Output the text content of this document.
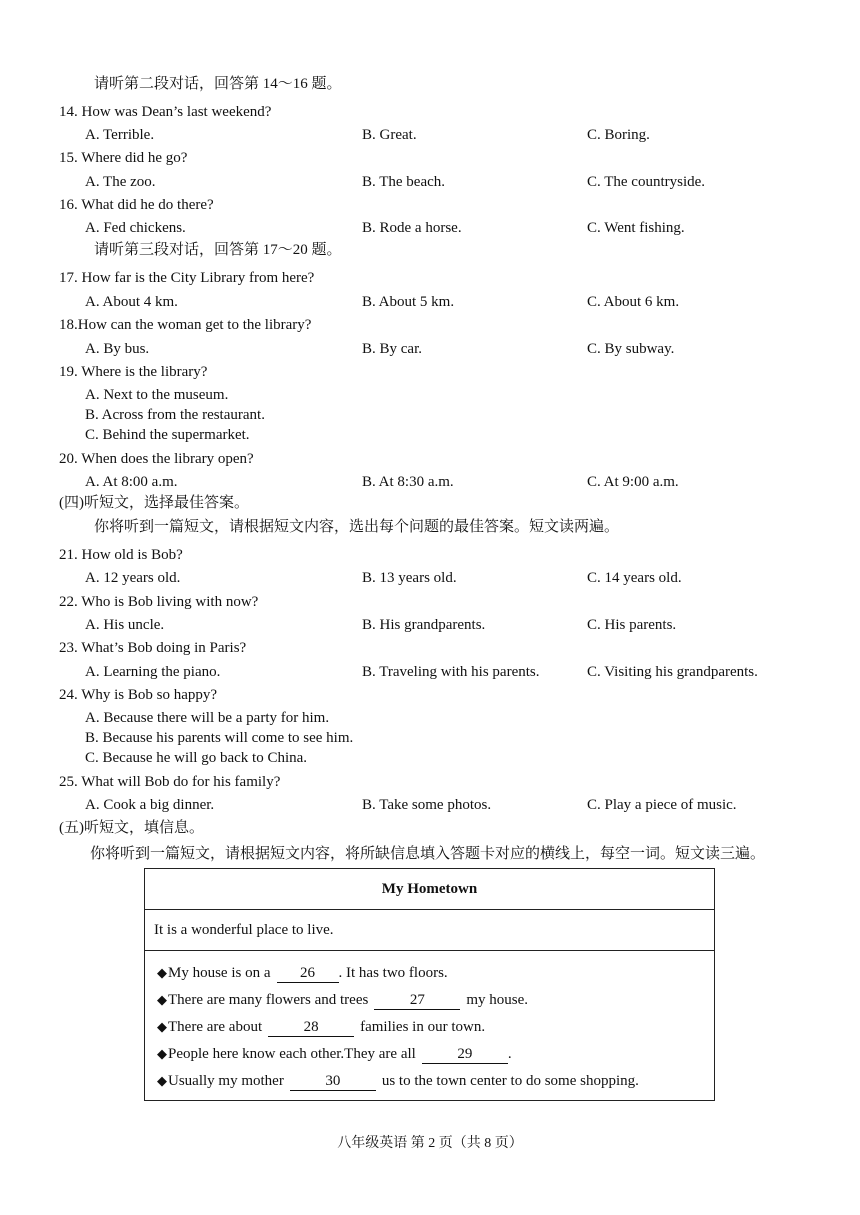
请听第二段对话，回答第 14～16 题。
14. How was Dean’s last weekend?
A. Terrible.	B. Great.	C. Boring.
15. Where did he go?
A. The zoo.	B. The beach.	C. The countryside.
16. What did he do there?
A. Fed chickens.	B. Rode a horse.	C. Went fishing.
请听第三段对话，回答第 17～20 题。
17. How far is the City Library from here?
A. About 4 km.	B. About 5 km.	C. About 6 km.
18.How can the woman get to the library?
A. By bus.	B. By car.	C. By subway.
19. Where is the library?
A. Next to the museum.
B. Across from the restaurant.
C. Behind the supermarket.
20. When does the library open?
A. At 8:00 a.m.	B. At 8:30 a.m.	C. At 9:00 a.m.
(四)听短文，选择最佳答案。
你将听到一篇短文，请根据短文内容，选出每个问题的最佳答案。短文读两遍。
21. How old is Bob?
A. 12 years old.	B. 13 years old.	C. 14 years old.
22. Who is Bob living with now?
A. His uncle.	B. His grandparents.	C. His parents.
23. What’s Bob doing in Paris?
A. Learning the piano.	B. Traveling with his parents.	C. Visiting his grandparents.
24. Why is Bob so happy?
A. Because there will be a party for him.
B. Because his parents will come to see him.
C. Because he will go back to China.
25. What will Bob do for his family?
A. Cook a big dinner.	B. Take some photos.	C. Play a piece of music.
(五)听短文，填信息。
你将听到一篇短文，请根据短文内容，将所缺信息填入答题卡对应的横线上，每空一词。短文读三遍。
My Hometown
It is a wonderful place to live.
◆My house is on a 26 . It has two floors.
◆There are many flowers and trees	27	my house.
◆There are about	28	families in our town.
◆People here know each other.They are all	29 .
◆Usually my mother	30	us to the town center to do some shopping.
八年级英语 第 2 页（共 8 页）
